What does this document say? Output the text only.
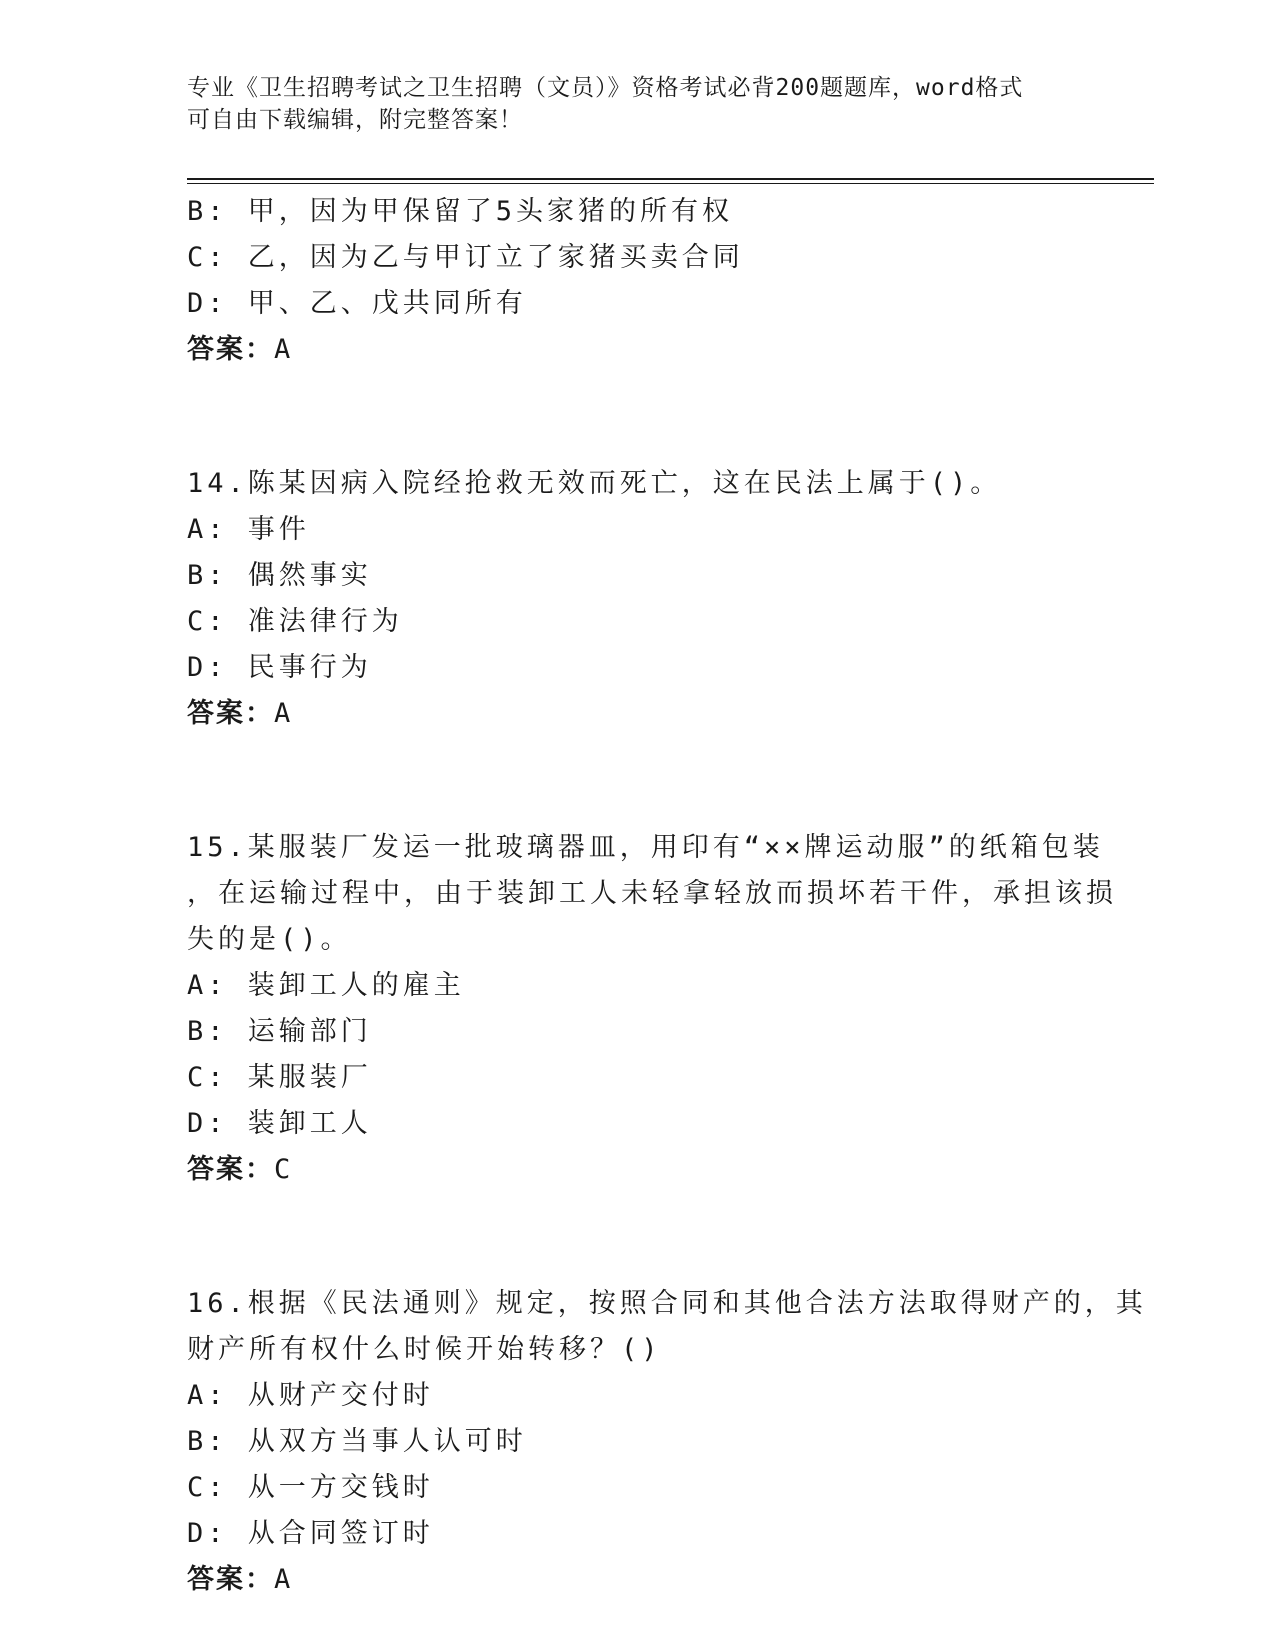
专业《卫生招聘考试之卫生招聘（文员）》资格考试必背200题题库，word格式
可自由下载编辑，附完整答案！
B: 甲，因为甲保留了5头家猪的所有权
C: 乙，因为乙与甲订立了家猪买卖合同
D: 甲、乙、戊共同所有
答案：A
14.陈某因病入院经抢救无效而死亡，这在民法上属于()。
A: 事件
B: 偶然事实
C: 准法律行为
D: 民事行为
答案：A
15.某服装厂发运一批玻璃器皿，用印有“××牌运动服”的纸箱包装
，在运输过程中，由于装卸工人未轻拿轻放而损坏若干件，承担该损
失的是()。
A: 装卸工人的雇主
B: 运输部门
C: 某服装厂
D: 装卸工人
答案：C
16.根据《民法通则》规定，按照合同和其他合法方法取得财产的，其
财产所有权什么时候开始转移？()
A: 从财产交付时
B: 从双方当事人认可时
C: 从一方交钱时
D: 从合同签订时
答案：A
